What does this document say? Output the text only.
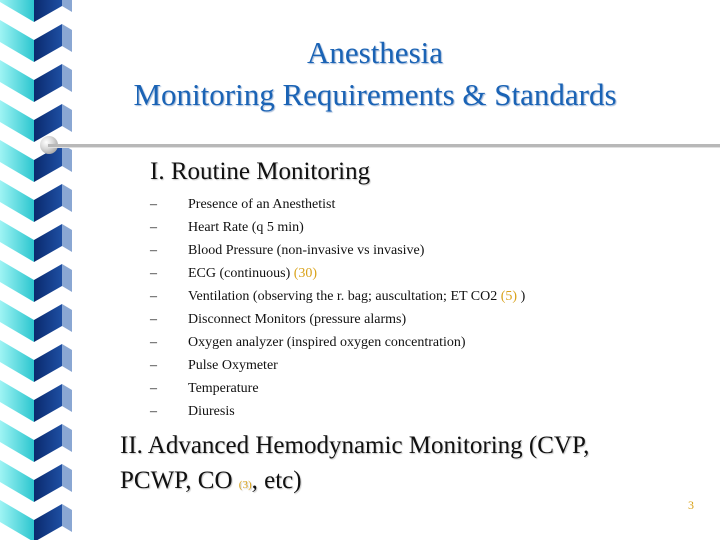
Anesthesia
Monitoring Requirements & Standards
I. Routine Monitoring
– Presence of an Anesthetist
– Heart Rate (q 5 min)
– Blood Pressure (non-invasive vs invasive)
– ECG (continuous) (30)
– Ventilation (observing the r. bag; auscultation; ET CO2 (5) )
– Disconnect Monitors (pressure alarms)
– Oxygen analyzer (inspired oxygen concentration)
– Pulse Oxymeter
– Temperature
– Diuresis
II. Advanced Hemodynamic Monitoring (CVP,
PCWP, CO (3), etc)
3
